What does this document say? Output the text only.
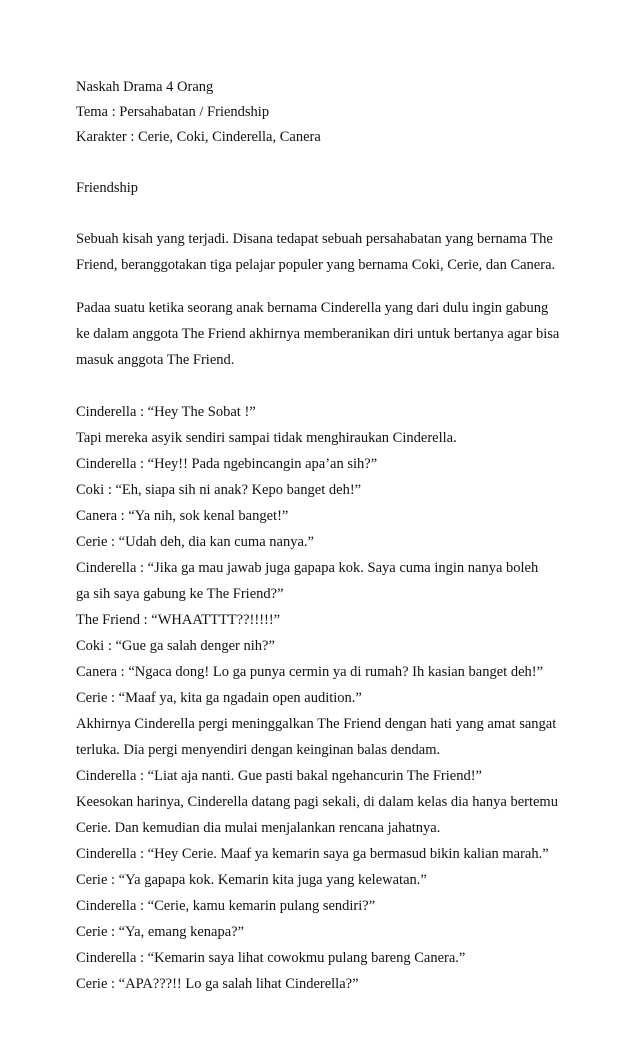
Naskah Drama 4 Orang
Tema : Persahabatan / Friendship
Karakter : Cerie, Coki, Cinderella, Canera
Friendship
Sebuah kisah yang terjadi. Disana tedapat sebuah persahabatan yang bernama The
Friend, beranggotakan tiga pelajar populer yang bernama Coki, Cerie, dan Canera.
Padaa suatu ketika seorang anak bernama Cinderella yang dari dulu ingin gabung
ke dalam anggota The Friend akhirnya memberanikan diri untuk bertanya agar bisa
masuk anggota The Friend.
Cinderella : “Hey The Sobat !”
Tapi mereka asyik sendiri sampai tidak menghiraukan Cinderella.
Cinderella : “Hey!! Pada ngebincangin apa’an sih?”
Coki : “Eh, siapa sih ni anak? Kepo banget deh!”
Canera : “Ya nih, sok kenal banget!”
Cerie : “Udah deh, dia kan cuma nanya.”
Cinderella : “Jika ga mau jawab juga gapapa kok. Saya cuma ingin nanya boleh
ga sih saya gabung ke The Friend?”
The Friend : “WHAATTTT??!!!!!”
Coki : “Gue ga salah denger nih?”
Canera : “Ngaca dong! Lo ga punya cermin ya di rumah? Ih kasian banget deh!”
Cerie : “Maaf ya, kita ga ngadain open audition.”
Akhirnya Cinderella pergi meninggalkan The Friend dengan hati yang amat sangat
terluka. Dia pergi menyendiri dengan keinginan balas dendam.
Cinderella : “Liat aja nanti. Gue pasti bakal ngehancurin The Friend!”
Keesokan harinya, Cinderella datang pagi sekali, di dalam kelas dia hanya bertemu
Cerie. Dan kemudian dia mulai menjalankan rencana jahatnya.
Cinderella : “Hey Cerie. Maaf ya kemarin saya ga bermasud bikin kalian marah.”
Cerie : “Ya gapapa kok. Kemarin kita juga yang kelewatan.”
Cinderella : “Cerie, kamu kemarin pulang sendiri?”
Cerie : “Ya, emang kenapa?”
Cinderella : “Kemarin saya lihat cowokmu pulang bareng Canera.”
Cerie : “APA???!! Lo ga salah lihat Cinderella?”
